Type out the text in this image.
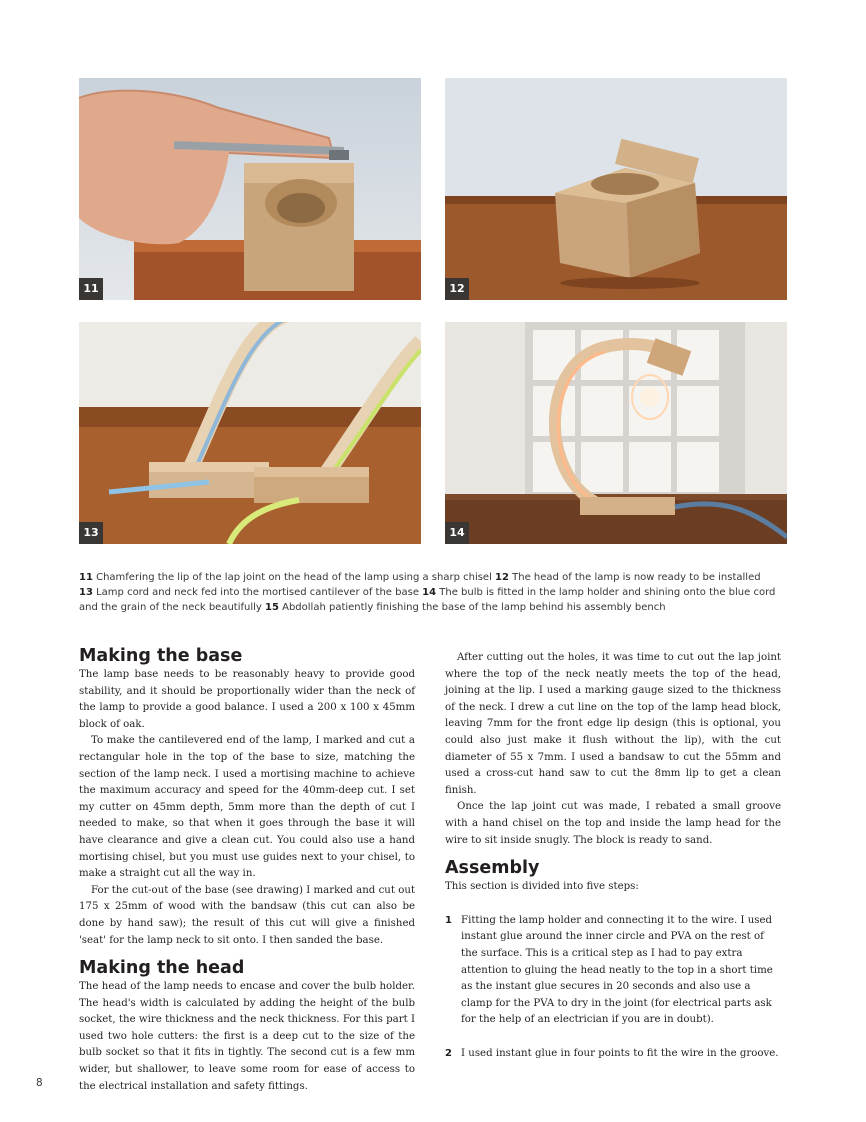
11	12
13	14
11 Chamfering the lip of the lap joint on the head of the lamp using a sharp chisel 12 The head of the lamp is now ready to be installed
13 Lamp cord and neck fed into the mortised cantilever of the base 14 The bulb is fitted in the lamp holder and shining onto the blue cord and the grain of the neck beautifully 15 Abdollah patiently finishing the base of the lamp behind his assembly bench
Making the base

The lamp base needs to be reasonably heavy to provide good stability, and it should be proportionally wider than the neck of the lamp to provide a good balance. I used a 200 x 100 x 45mm block of oak.

To make the cantilevered end of the lamp, I marked and cut a rectangular hole in the top of the base to size, matching the section of the lamp neck. I used a mortising machine to achieve the maximum accuracy and speed for the 40mm-deep cut. I set my cutter on 45mm depth, 5mm more than the depth of cut I needed to make, so that when it goes through the base it will have clearance and give a clean cut. You could also use a hand mortising chisel, but you must use guides next to your chisel, to make a straight cut all the way in.

For the cut-out of the base (see drawing) I marked and cut out 175 x 25mm of wood with the bandsaw (this cut can also be done by hand saw); the result of this cut will give a finished 'seat' for the lamp neck to sit onto. I then sanded the base.

Making the head

The head of the lamp needs to encase and cover the bulb holder. The head's width is calculated by adding the height of the bulb socket, the wire thickness and the neck thickness. For this part I used two hole cutters: the first is a deep cut to the size of the bulb socket so that it fits in tightly. The second cut is a few mm wider, but shallower, to leave some room for ease of access to the electrical installation and safety fittings.

After cutting out the holes, it was time to cut out the lap joint where the top of the neck neatly meets the top of the head, joining at the lip. I used a marking gauge sized to the thickness of the neck. I drew a cut line on the top of the lamp head block, leaving 7mm for the front edge lip design (this is optional, you could also just make it flush without the lip), with the cut diameter of 55 x 7mm. I used a bandsaw to cut the 55mm and used a cross-cut hand saw to cut the 8mm lip to get a clean finish.

Once the lap joint cut was made, I rebated a small groove with a hand chisel on the top and inside the lamp head for the wire to sit inside snugly. The block is ready to sand.

Assembly

This section is divided into five steps:

1 Fitting the lamp holder and connecting it to the wire. I used instant glue around the inner circle and PVA on the rest of the surface. This is a critical step as I had to pay extra attention to gluing the head neatly to the top in a short time as the instant glue secures in 20 seconds and also use a clamp for the PVA to dry in the joint (for electrical parts ask for the help of an electrician if you are in doubt).
2 I used instant glue in four points to fit the wire in the groove.
8
